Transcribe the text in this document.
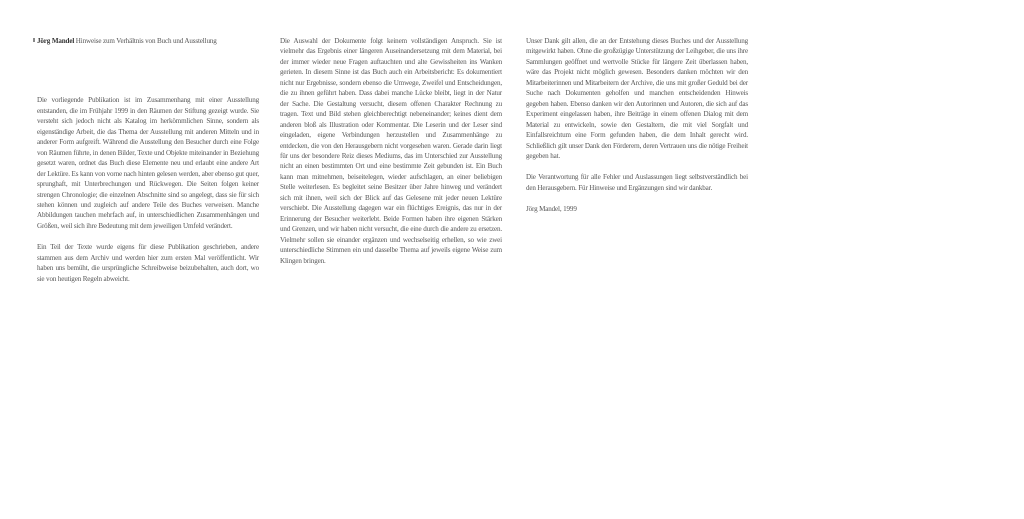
Jörg Mandel Hinweise zum Verhältnis von Buch und Ausstellung

Die vorliegende Publikation ist im Zusammenhang mit einer Ausstellung entstanden, die im Frühjahr 1999 in den Räumen der Stiftung gezeigt wurde. Sie versteht sich jedoch nicht als Katalog im herkömmlichen Sinne, sondern als eigenständige Arbeit, die das Thema der Ausstellung mit anderen Mitteln und in anderer Form aufgreift. Während die Ausstellung den Besucher durch eine Folge von Räumen führte, in denen Bilder, Texte und Objekte miteinander in Beziehung gesetzt waren, ordnet das Buch diese Elemente neu und erlaubt eine andere Art der Lektüre. Es kann von vorne nach hinten gelesen werden, aber ebenso gut quer, sprunghaft, mit Unterbrechungen und Rückwegen. Die Seiten folgen keiner strengen Chronologie; die einzelnen Abschnitte sind so angelegt, dass sie für sich stehen können und zugleich auf andere Teile des Buches verweisen. Manche Abbildungen tauchen mehrfach auf, in unterschiedlichen Zusammenhängen und Größen, weil sich ihre Bedeutung mit dem jeweiligen Umfeld verändert.

Ein Teil der Texte wurde eigens für diese Publikation geschrieben, andere stammen aus dem Archiv und werden hier zum ersten Mal veröffentlicht. Wir haben uns bemüht, die ursprüngliche Schreibweise beizubehalten, auch dort, wo sie von heutigen Regeln abweicht.

Die Auswahl der Dokumente folgt keinem vollständigen Anspruch. Sie ist vielmehr das Ergebnis einer längeren Auseinandersetzung mit dem Material, bei der immer wieder neue Fragen auftauchten und alte Gewissheiten ins Wanken gerieten. In diesem Sinne ist das Buch auch ein Arbeitsbericht: Es dokumentiert nicht nur Ergebnisse, sondern ebenso die Umwege, Zweifel und Entscheidungen, die zu ihnen geführt haben. Dass dabei manche Lücke bleibt, liegt in der Natur der Sache. Die Gestaltung versucht, diesem offenen Charakter Rechnung zu tragen. Text und Bild stehen gleichberechtigt nebeneinander; keines dient dem anderen bloß als Illustration oder Kommentar. Die Leserin und der Leser sind eingeladen, eigene Verbindungen herzustellen und Zusammenhänge zu entdecken, die von den Herausgebern nicht vorgesehen waren. Gerade darin liegt für uns der besondere Reiz dieses Mediums, das im Unterschied zur Ausstellung nicht an einen bestimmten Ort und eine bestimmte Zeit gebunden ist. Ein Buch kann man mitnehmen, beiseitelegen, wieder aufschlagen, an einer beliebigen Stelle weiterlesen. Es begleitet seine Besitzer über Jahre hinweg und verändert sich mit ihnen, weil sich der Blick auf das Gelesene mit jeder neuen Lektüre verschiebt. Die Ausstellung dagegen war ein flüchtiges Ereignis, das nur in der Erinnerung der Besucher weiterlebt. Beide Formen haben ihre eigenen Stärken und Grenzen, und wir haben nicht versucht, die eine durch die andere zu ersetzen. Vielmehr sollen sie einander ergänzen und wechselseitig erhellen, so wie zwei unterschiedliche Stimmen ein und dasselbe Thema auf jeweils eigene Weise zum Klingen bringen.

Unser Dank gilt allen, die an der Entstehung dieses Buches und der Ausstellung mitgewirkt haben. Ohne die großzügige Unterstützung der Leihgeber, die uns ihre Sammlungen geöffnet und wertvolle Stücke für längere Zeit überlassen haben, wäre das Projekt nicht möglich gewesen. Besonders danken möchten wir den Mitarbeiterinnen und Mitarbeitern der Archive, die uns mit großer Geduld bei der Suche nach Dokumenten geholfen und manchen entscheidenden Hinweis gegeben haben. Ebenso danken wir den Autorinnen und Autoren, die sich auf das Experiment eingelassen haben, ihre Beiträge in einem offenen Dialog mit dem Material zu entwickeln, sowie den Gestaltern, die mit viel Sorgfalt und Einfallsreichtum eine Form gefunden haben, die dem Inhalt gerecht wird. Schließlich gilt unser Dank den Förderern, deren Vertrauen uns die nötige Freiheit gegeben hat.

Die Verantwortung für alle Fehler und Auslassungen liegt selbstverständlich bei den Herausgebern. Für Hinweise und Ergänzungen sind wir dankbar.

Jörg Mandel, 1999
